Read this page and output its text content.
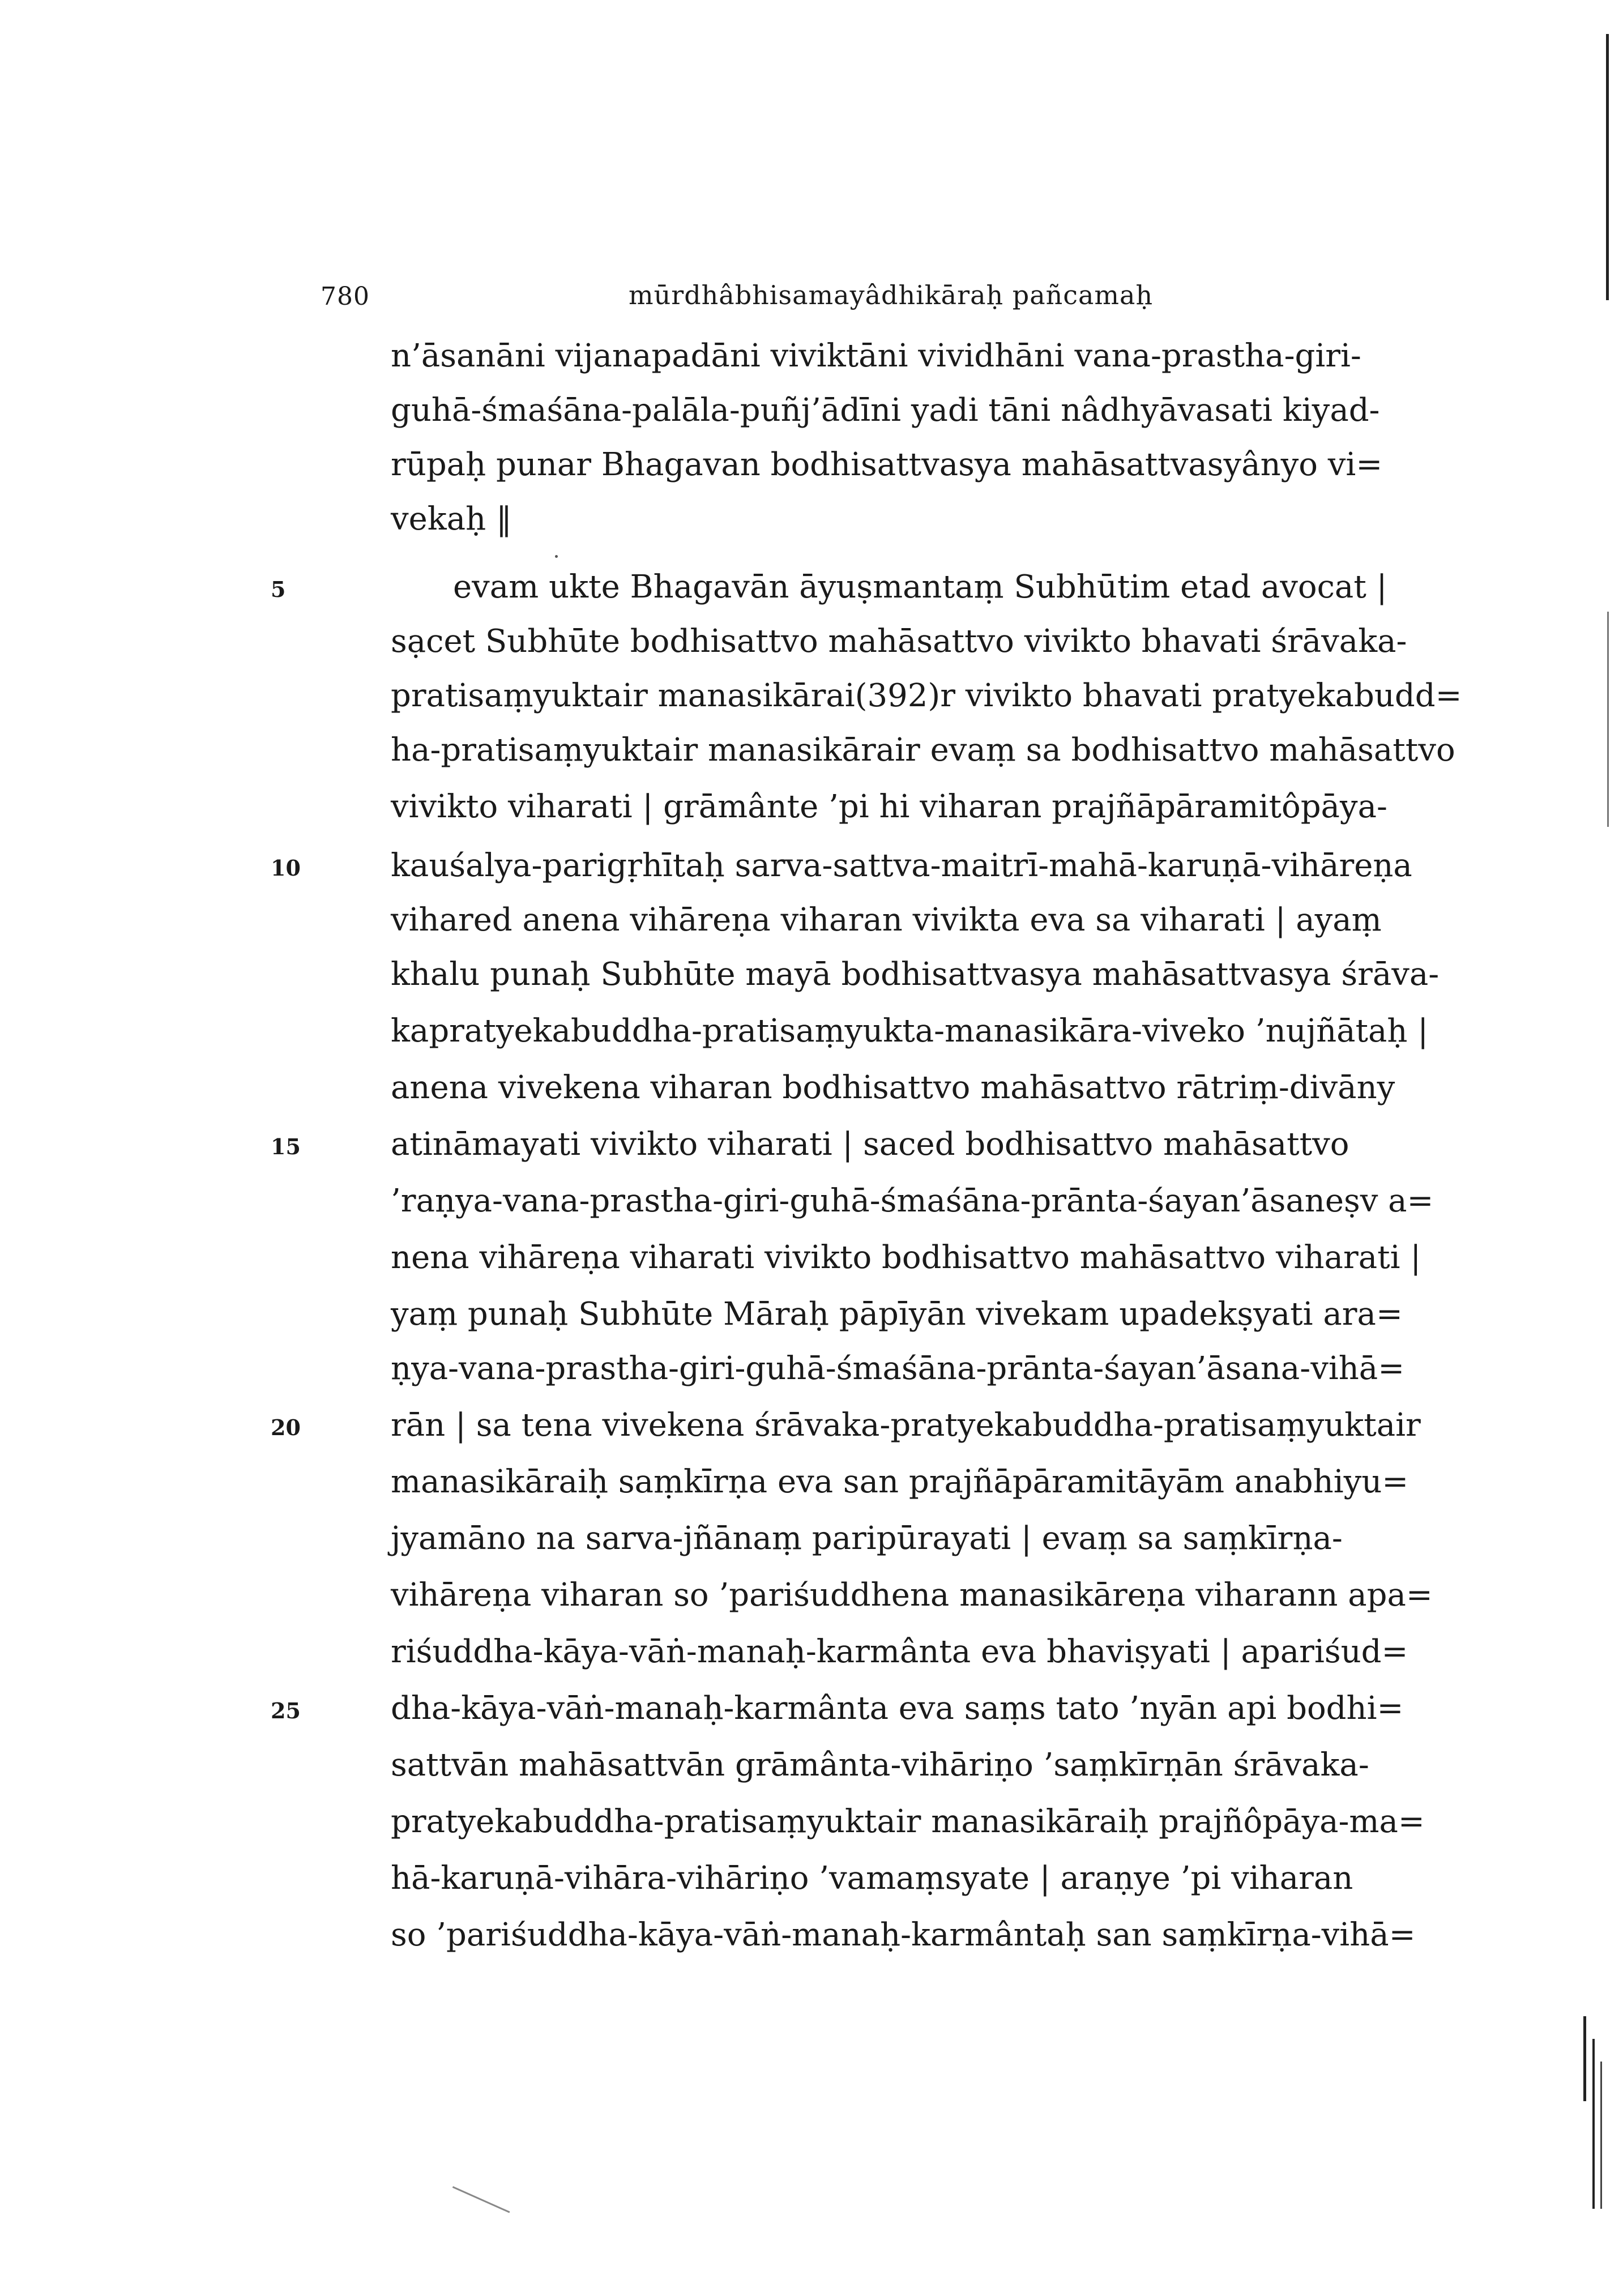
780	mūrdhâbhisamayâdhikāraḥ pañcamaḥ
n’āsanāni vijanapadāni viviktāni vividhāni vana-prastha-giri-
guhā-śmaśāna-palāla-puñj’ādīni yadi tāni nâdhyāvasati kiyad-
rūpaḥ punar Bhagavan bodhisattvasya mahāsattvasyânyo vi=
vekaḥ ‖
evam ukte Bhagavān āyuṣmantaṃ Subhūtim etad avocat |
sạcet Subhūte bodhisattvo mahāsattvo vivikto bhavati śrāvaka-
pratisaṃyuktair manasikārai(392)r vivikto bhavati pratyekabudd=
ha-pratisaṃyuktair manasikārair evaṃ sa bodhisattvo mahāsattvo
vivikto viharati | grāmânte ’pi hi viharan prajñāpāramitôpāya-
kauśalya-parigṛhītaḥ sarva-sattva-maitrī-mahā-karuṇā-vihāreṇa
vihared anena vihāreṇa viharan vivikta eva sa viharati | ayaṃ
khalu punaḥ Subhūte mayā bodhisattvasya mahāsattvasya śrāva-
kapratyekabuddha-pratisaṃyukta-manasikāra-viveko ’nujñātaḥ |
anena vivekena viharan bodhisattvo mahāsattvo rātriṃ-divāny
atināmayati vivikto viharati | saced bodhisattvo mahāsattvo
’raṇya-vana-prastha-giri-guhā-śmaśāna-prānta-śayan’āsaneṣv a=
nena vihāreṇa viharati vivikto bodhisattvo mahāsattvo viharati |
yaṃ punaḥ Subhūte Māraḥ pāpīyān vivekam upadekṣyati ara=
ṇya-vana-prastha-giri-guhā-śmaśāna-prānta-śayan’āsana-vihā=
rān | sa tena vivekena śrāvaka-pratyekabuddha-pratisaṃyuktair
manasikāraiḥ saṃkīrṇa eva san prajñāpāramitāyām anabhiyu=
jyamāno na sarva-jñānaṃ paripūrayati | evaṃ sa saṃkīrṇa-
vihāreṇa viharan so ’pariśuddhena manasikāreṇa viharann apa=
riśuddha-kāya-vāṅ-manaḥ-karmânta eva bhaviṣyati | apariśud=
dha-kāya-vāṅ-manaḥ-karmânta eva saṃs tato ’nyān api bodhi=
sattvān mahāsattvān grāmânta-vihāriṇo ’saṃkīrṇān śrāvaka-
pratyekabuddha-pratisaṃyuktair manasikāraiḥ prajñôpāya-ma=
hā-karuṇā-vihāra-vihāriṇo ’vamaṃsyate | araṇye ’pi viharan
so ’pariśuddha-kāya-vāṅ-manaḥ-karmântaḥ san saṃkīrṇa-vihā=
5
10
15
20
25
